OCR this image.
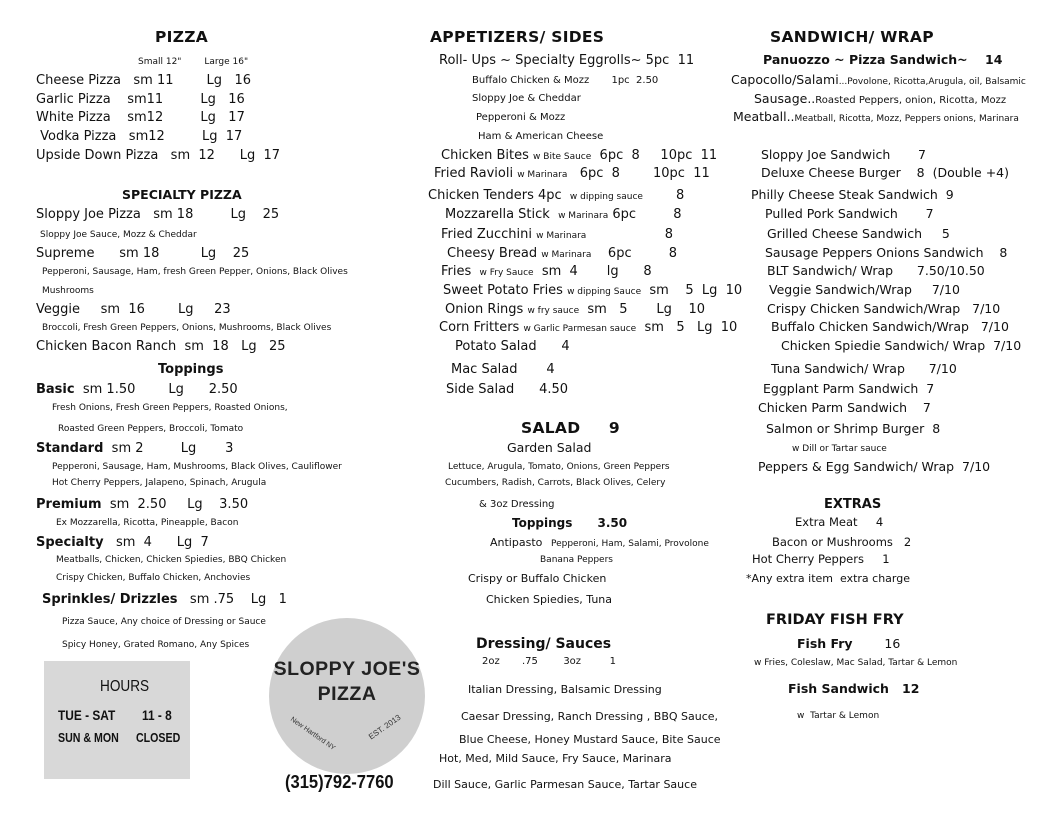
PIZZA
Small 12"        Large 16"
Cheese Pizza   sm 11        Lg   16
Garlic Pizza    sm11         Lg   16
White Pizza    sm12         Lg   17
Vodka Pizza   sm12         Lg  17
Upside Down Pizza   sm  12      Lg  17
SPECIALTY PIZZA
Sloppy Joe Pizza   sm 18         Lg    25
Sloppy Joe Sauce, Mozz & Cheddar
Supreme      sm 18          Lg    25
Pepperoni, Sausage, Ham, fresh Green Pepper, Onions, Black Olives
Mushrooms
Veggie     sm  16        Lg     23
Broccoli, Fresh Green Peppers, Onions, Mushrooms, Black Olives
Chicken Bacon Ranch  sm  18   Lg   25
Toppings
Basic  sm 1.50        Lg      2.50
Fresh Onions, Fresh Green Peppers, Roasted Onions,
Roasted Green Peppers, Broccoli, Tomato
Standard  sm 2         Lg       3
Pepperoni, Sausage, Ham, Mushrooms, Black Olives, Cauliflower
Hot Cherry Peppers, Jalapeno, Spinach, Arugula
Premium  sm  2.50     Lg    3.50
Ex Mozzarella, Ricotta, Pineapple, Bacon
Specialty   sm  4      Lg  7
Meatballs, Chicken, Chicken Spiedies, BBQ Chicken
Crispy Chicken, Buffalo Chicken, Anchovies
Sprinkles/ Drizzles   sm .75    Lg   1
Pizza Sauce, Any choice of Dressing or Sauce
Spicy Honey, Grated Romano, Any Spices
HOURS
TUE - SAT 11 - 8
SUN & MON CLOSED
SLOPPY JOE'S
PIZZA
New Hartford NY	EST. 2013
(315)792-7760
APPETIZERS/ SIDES
Roll- Ups ~ Specialty Eggrolls~ 5pc  11
Buffalo Chicken & Mozz       1pc  2.50
Sloppy Joe & Cheddar
Pepperoni & Mozz
Ham & American Cheese
Chicken Bites w Bite Sauce  6pc  8     10pc  11
Fried Ravioli w Marinara   6pc  8        10pc  11
Chicken Tenders 4pc  w dipping sauce        8
Mozzarella Stick  w Marinara 6pc         8
Fried Zucchini w Marinara                   8
Cheesy Bread w Marinara    6pc         8
Fries  w Fry Sauce  sm  4       lg      8
Sweet Potato Fries w dipping Sauce  sm    5  Lg  10
Onion Rings w fry sauce  sm   5       Lg    10
Corn Fritters w Garlic Parmesan sauce  sm   5   Lg  10
Potato Salad      4
Mac Salad       4
Side Salad      4.50
SALAD     9
Garden Salad
Lettuce, Arugula, Tomato, Onions, Green Peppers
Cucumbers, Radish, Carrots, Black Olives, Celery
& 3oz Dressing
Toppings      3.50
Antipasto   Pepperoni, Ham, Salami, Provolone
Banana Peppers
Crispy or Buffalo Chicken
Chicken Spiedies, Tuna
Dressing/ Sauces
2oz       .75        3oz         1
Italian Dressing, Balsamic Dressing
Caesar Dressing, Ranch Dressing , BBQ Sauce,
Blue Cheese, Honey Mustard Sauce, Bite Sauce
Hot, Med, Mild Sauce, Fry Sauce, Marinara
Dill Sauce, Garlic Parmesan Sauce, Tartar Sauce
SANDWICH/ WRAP
Panuozzo ~ Pizza Sandwich~    14
Capocollo/Salami...Povolone, Ricotta,Arugula, oil, Balsamic
Sausage..Roasted Peppers, onion, Ricotta, Mozz
Meatball..Meatball, Ricotta, Mozz, Peppers onions, Marinara
Sloppy Joe Sandwich       7
Deluxe Cheese Burger    8  (Double +4)
Philly Cheese Steak Sandwich  9
Pulled Pork Sandwich       7
Grilled Cheese Sandwich     5
Sausage Peppers Onions Sandwich    8
BLT Sandwich/ Wrap      7.50/10.50
Veggie Sandwich/Wrap     7/10
Crispy Chicken Sandwich/Wrap   7/10
Buffalo Chicken Sandwich/Wrap   7/10
Chicken Spiedie Sandwich/ Wrap  7/10
Tuna Sandwich/ Wrap      7/10
Eggplant Parm Sandwich  7
Chicken Parm Sandwich    7
Salmon or Shrimp Burger  8
w Dill or Tartar sauce
Peppers & Egg Sandwich/ Wrap  7/10
EXTRAS
Extra Meat     4
Bacon or Mushrooms   2
Hot Cherry Peppers     1
*Any extra item  extra charge
FRIDAY FISH FRY
Fish Fry        16
w Fries, Coleslaw, Mac Salad, Tartar & Lemon
Fish Sandwich   12
w  Tartar & Lemon
